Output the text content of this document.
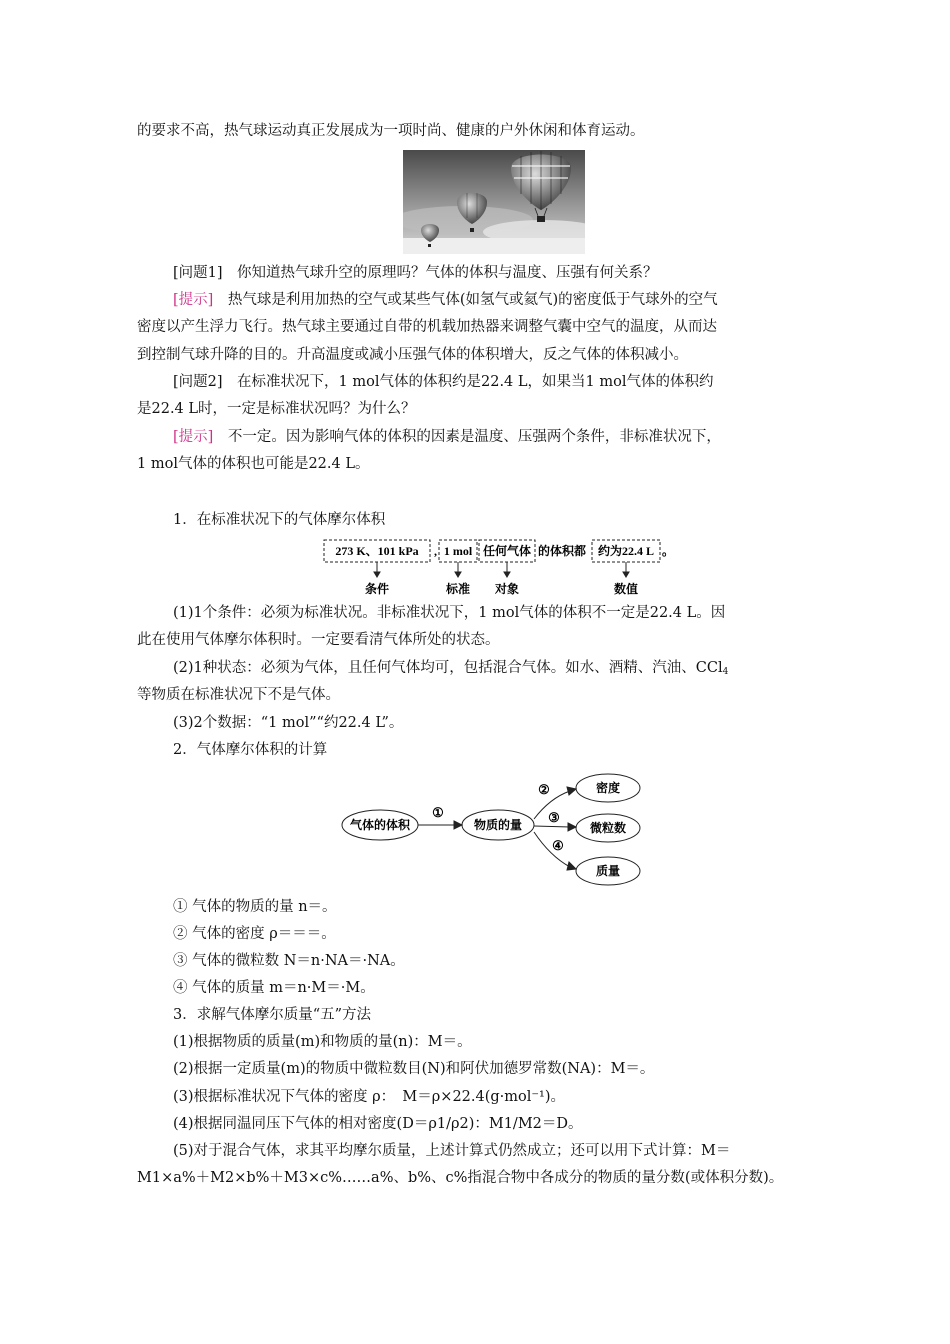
的要求不高，热气球运动真正发展成为一项时尚、健康的户外休闲和体育运动。
[问题1]　你知道热气球升空的原理吗？气体的体积与温度、压强有何关系？
[提示]　热气球是利用加热的空气或某些气体(如氢气或氦气)的密度低于气球外的空气
密度以产生浮力飞行。热气球主要通过自带的机载加热器来调整气囊中空气的温度，从而达
到控制气球升降的目的。升高温度或减小压强气体的体积增大，反之气体的体积减小。
[问题2]　在标准状况下，1 mol气体的体积约是22.4 L，如果当1 mol气体的体积约
是22.4 L时，一定是标准状况吗？为什么？
[提示]　不一定。因为影响气体的体积的因素是温度、压强两个条件，非标准状况下，
1 mol气体的体积也可能是22.4 L。
1．在标准状况下的气体摩尔体积
273 K、101 kPa , 1 mol 任何气体 的体积都 约为22.4 L 。
条件	标准 对象	数值
(1)1个条件：必须为标准状况。非标准状况下，1 mol气体的体积不一定是22.4 L。因
此在使用气体摩尔体积时。一定要看清气体所处的状态。
(2)1种状态：必须为气体，且任何气体均可，包括混合气体。如水、酒精、汽油、CCl$_4$
等物质在标准状况下不是气体。
(3)2个数据：“1 mol”“约22.4 L”。
2．气体摩尔体积的计算
气体的体积	物质的量
密度
微粒数
质量
①
②
③
④
① 气体的物质的量 n＝。
② 气体的密度 ρ＝＝＝。
③ 气体的微粒数 N＝n·NA＝·NA。
④ 气体的质量 m＝n·M＝·M。
3．求解气体摩尔质量“五”方法
(1)根据物质的质量(m)和物质的量(n)：M＝。
(2)根据一定质量(m)的物质中微粒数目(N)和阿伏加德罗常数(NA)：M＝。
(3)根据标准状况下气体的密度 ρ：　M＝ρ×22.4(g·mol⁻¹)。
(4)根据同温同压下气体的相对密度(D＝ρ1/ρ2)：M1/M2＝D。
(5)对于混合气体，求其平均摩尔质量，上述计算式仍然成立；还可以用下式计算：M＝
M1×a%＋M2×b%＋M3×c%……a%、b%、c%指混合物中各成分的物质的量分数(或体积分数)。
